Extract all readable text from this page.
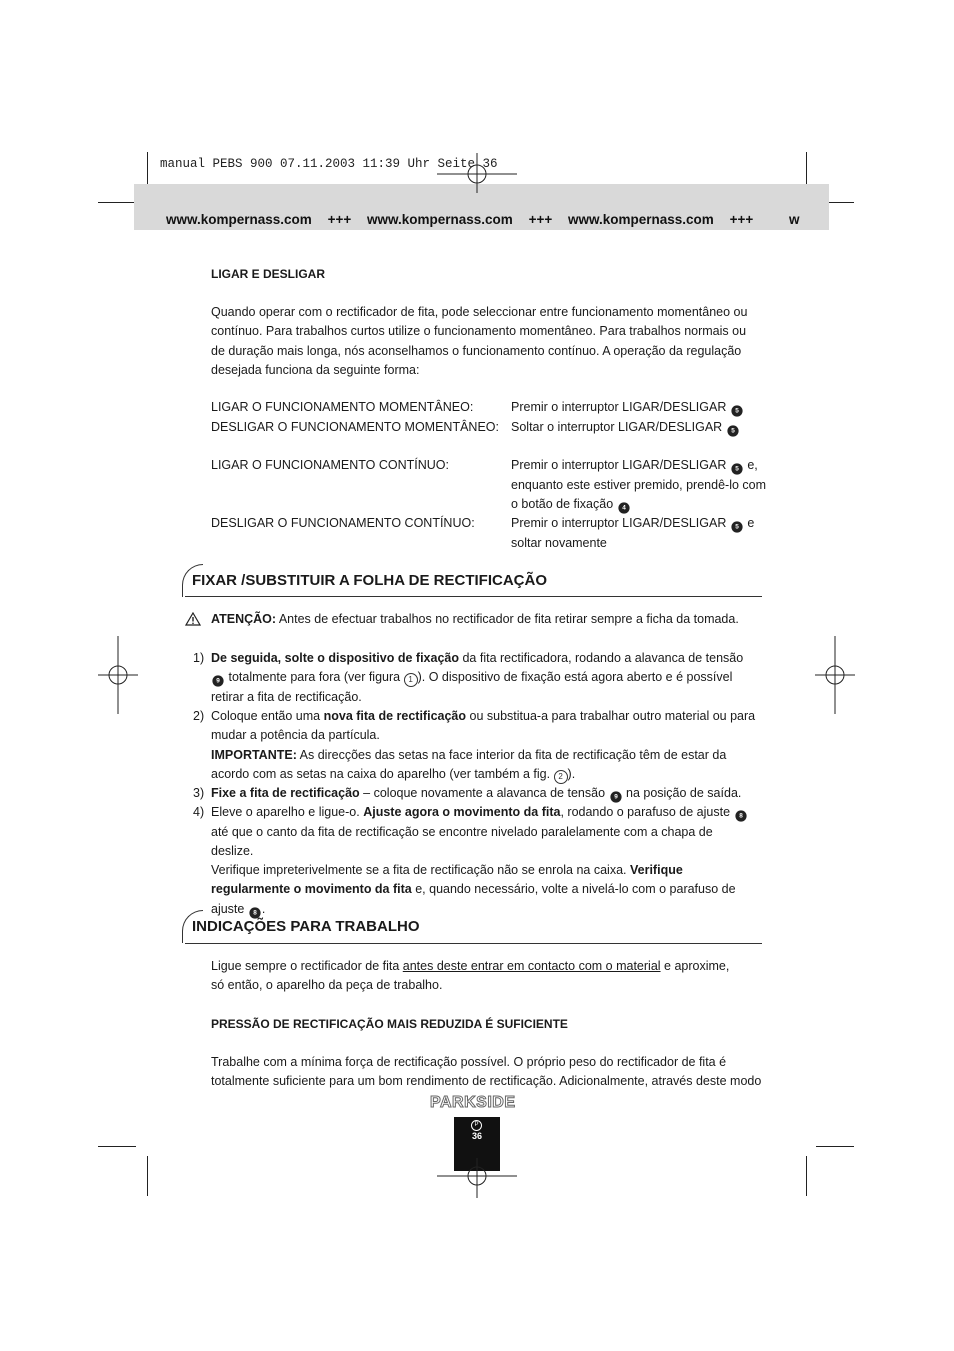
manual PEBS 900 07.11.2003 11:39 Uhr Seite 36
www.kompernass.com +++ www.kompernass.com +++ www.kompernass.com +++	w
LIGAR E DESLIGAR
Quando operar com o rectificador de fita, pode seleccionar entre funcionamento momentâneo ou contínuo. Para trabalhos curtos utilize o funcionamento momentâneo. Para trabalhos normais ou de duração mais longa, nós aconselhamos o funcionamento contínuo. A operação da regulação desejada funciona da seguinte forma:
LIGAR O FUNCIONAMENTO MOMENTÂNEO:	Premir o interruptor LIGAR/DESLIGAR 5
DESLIGAR O FUNCIONAMENTO MOMENTÂNEO: Soltar o interruptor LIGAR/DESLIGAR 5
LIGAR O FUNCIONAMENTO CONTÍNUO:	Premir o interruptor LIGAR/DESLIGAR 5 e, enquanto este estiver premido, prendê-lo com o botão de fixação 4
DESLIGAR O FUNCIONAMENTO CONTÍNUO:	Premir o interruptor LIGAR/DESLIGAR 5 e soltar novamente
FIXAR /SUBSTITUIR A FOLHA DE RECTIFICAÇÃO
ATENÇÃO: Antes de efectuar trabalhos no rectificador de fita retirar sempre a ficha da tomada.
1) De seguida, solte o dispositivo de fixação da fita rectificadora, rodando a alavanca de tensão 9 totalmente para fora (ver figura 1 ). O dispositivo de fixação está agora aberto e é possível retirar a fita de rectificação.
2) Coloque então uma nova fita de rectificação ou substitua-a para trabalhar outro material ou para mudar a potência da partícula.
IMPORTANTE: As direcções das setas na face interior da fita de rectificação têm de estar da acordo com as setas na caixa do aparelho (ver também a fig. 2 ).
3) Fixe a fita de rectificação – coloque novamente a alavanca de tensão 9 na posição de saída.
4) Eleve o aparelho e ligue-o. Ajuste agora o movimento da fita, rodando o parafuso de ajuste 8 até que o canto da fita de rectificação se encontre nivelado paralelamente com a chapa de deslize.
Verifique impreterivelmente se a fita de rectificação não se enrola na caixa. Verifique regularmente o movimento da fita e, quando necessário, volte a nivelá-lo com o parafuso de ajuste 8 .
INDICAÇÕES PARA TRABALHO
Ligue sempre o rectificador de fita antes deste entrar em contacto com o material e aproxime, só então, o aparelho da peça de trabalho.
PRESSÃO DE RECTIFICAÇÃO MAIS REDUZIDA É SUFICIENTE
Trabalhe com a mínima força de rectificação possível. O próprio peso do rectificador de fita é totalmente suficiente para um bom rendimento de rectificação. Adicionalmente, através deste modo
PARKSIDE
P
36
